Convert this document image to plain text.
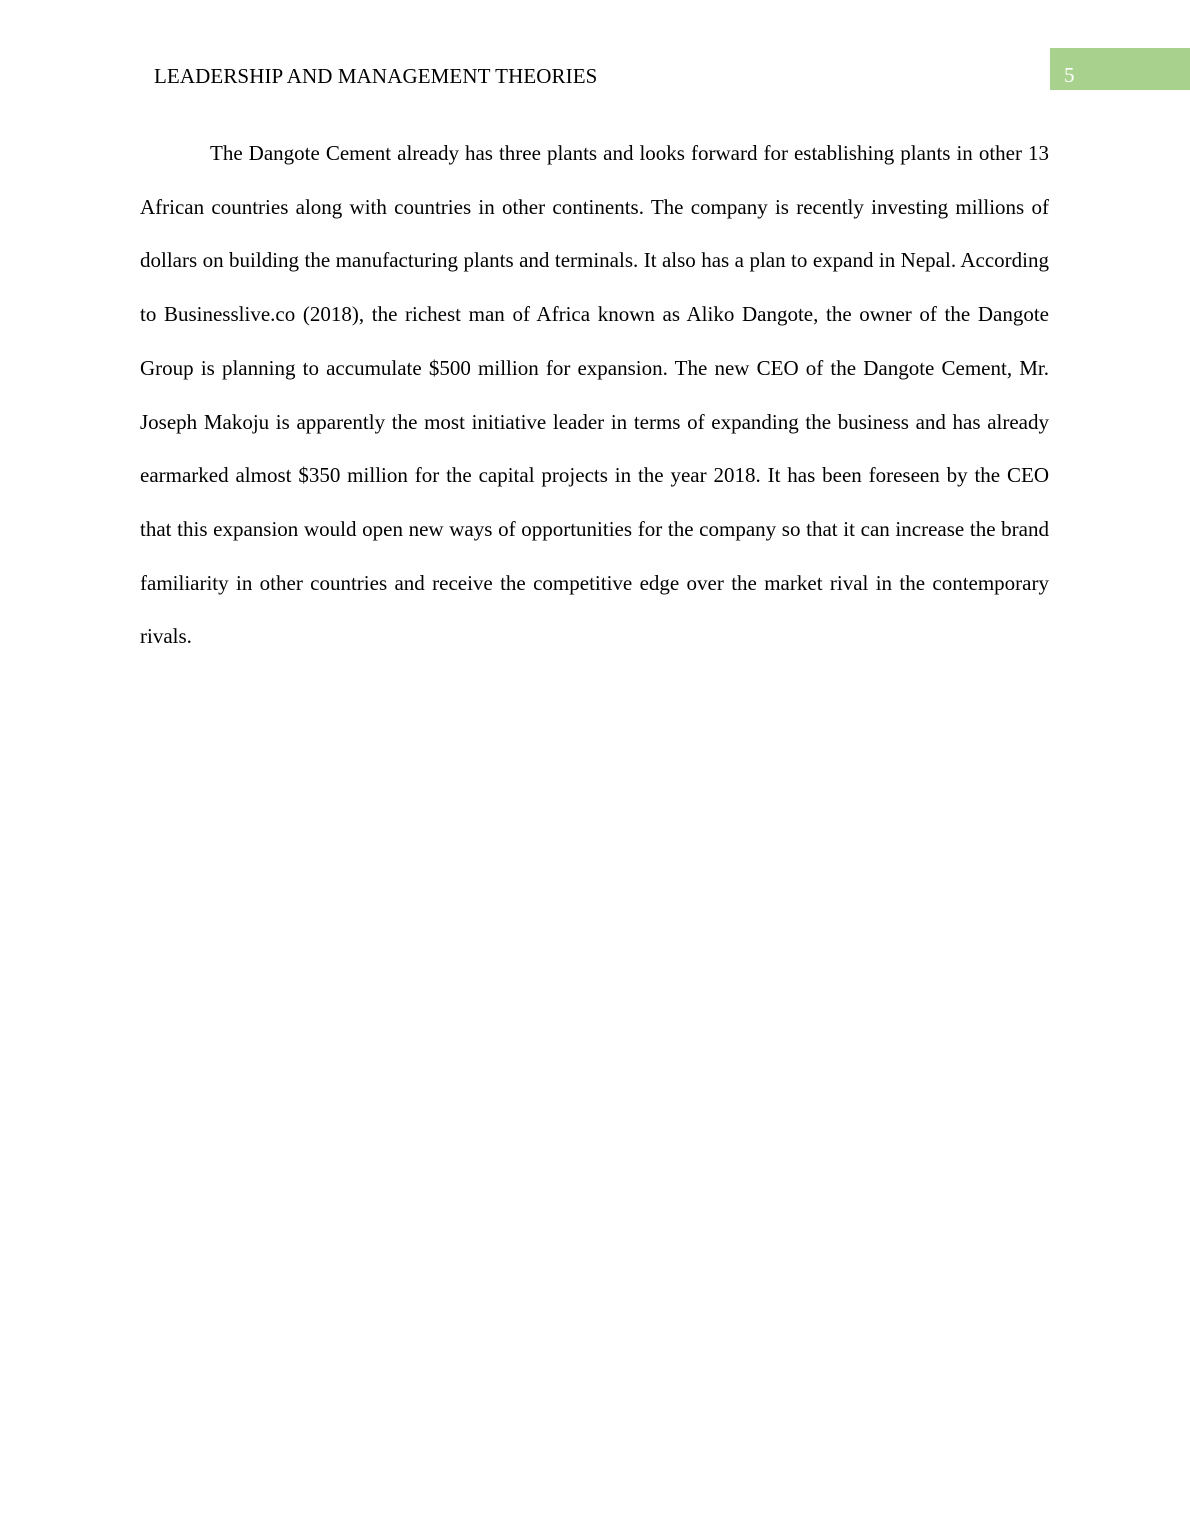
LEADERSHIP AND MANAGEMENT THEORIES	5

The Dangote Cement already has three plants and looks forward for establishing plants in other 13 African countries along with countries in other continents. The company is recently investing millions of dollars on building the manufacturing plants and terminals. It also has a plan to expand in Nepal. According to Businesslive.co (2018), the richest man of Africa known as Aliko Dangote, the owner of the Dangote Group is planning to accumulate $500 million for expansion. The new CEO of the Dangote Cement, Mr. Joseph Makoju is apparently the most initiative leader in terms of expanding the business and has already earmarked almost $350 million for the capital projects in the year 2018. It has been foreseen by the CEO that this expansion would open new ways of opportunities for the company so that it can increase the brand familiarity in other countries and receive the competitive edge over the market rival in the contemporary rivals.
